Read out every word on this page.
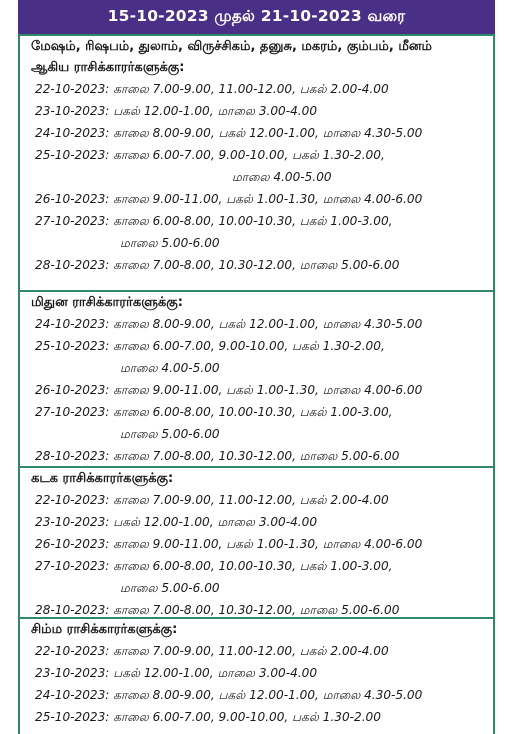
15-10-2023 முதல் 21-10-2023 வரை
மேஷம், ரிஷபம், துலாம், விருச்சிகம், தனுசு, மகரம், கும்பம், மீனம்
ஆகிய ராசிக்காரர்களுக்கு:
22-10-2023: காலை 7.00-9.00, 11.00-12.00, பகல் 2.00-4.00
23-10-2023: பகல் 12.00-1.00, மாலை 3.00-4.00
24-10-2023: காலை 8.00-9.00, பகல் 12.00-1.00, மாலை 4.30-5.00
25-10-2023: காலை 6.00-7.00, 9.00-10.00, பகல் 1.30-2.00,
மாலை 4.00-5.00
26-10-2023: காலை 9.00-11.00, பகல் 1.00-1.30, மாலை 4.00-6.00
27-10-2023: காலை 6.00-8.00, 10.00-10.30, பகல் 1.00-3.00,
மாலை 5.00-6.00
28-10-2023: காலை 7.00-8.00, 10.30-12.00, மாலை 5.00-6.00
மிதுன ராசிக்காரர்களுக்கு:
24-10-2023: காலை 8.00-9.00, பகல் 12.00-1.00, மாலை 4.30-5.00
25-10-2023: காலை 6.00-7.00, 9.00-10.00, பகல் 1.30-2.00,
மாலை 4.00-5.00
26-10-2023: காலை 9.00-11.00, பகல் 1.00-1.30, மாலை 4.00-6.00
27-10-2023: காலை 6.00-8.00, 10.00-10.30, பகல் 1.00-3.00,
மாலை 5.00-6.00
28-10-2023: காலை 7.00-8.00, 10.30-12.00, மாலை 5.00-6.00
கடக ராசிக்காரர்களுக்கு:
22-10-2023: காலை 7.00-9.00, 11.00-12.00, பகல் 2.00-4.00
23-10-2023: பகல் 12.00-1.00, மாலை 3.00-4.00
26-10-2023: காலை 9.00-11.00, பகல் 1.00-1.30, மாலை 4.00-6.00
27-10-2023: காலை 6.00-8.00, 10.00-10.30, பகல் 1.00-3.00,
மாலை 5.00-6.00
28-10-2023: காலை 7.00-8.00, 10.30-12.00, மாலை 5.00-6.00
சிம்ம ராசிக்காரர்களுக்கு:
22-10-2023: காலை 7.00-9.00, 11.00-12.00, பகல் 2.00-4.00
23-10-2023: பகல் 12.00-1.00, மாலை 3.00-4.00
24-10-2023: காலை 8.00-9.00, பகல் 12.00-1.00, மாலை 4.30-5.00
25-10-2023: காலை 6.00-7.00, 9.00-10.00, பகல் 1.30-2.00
